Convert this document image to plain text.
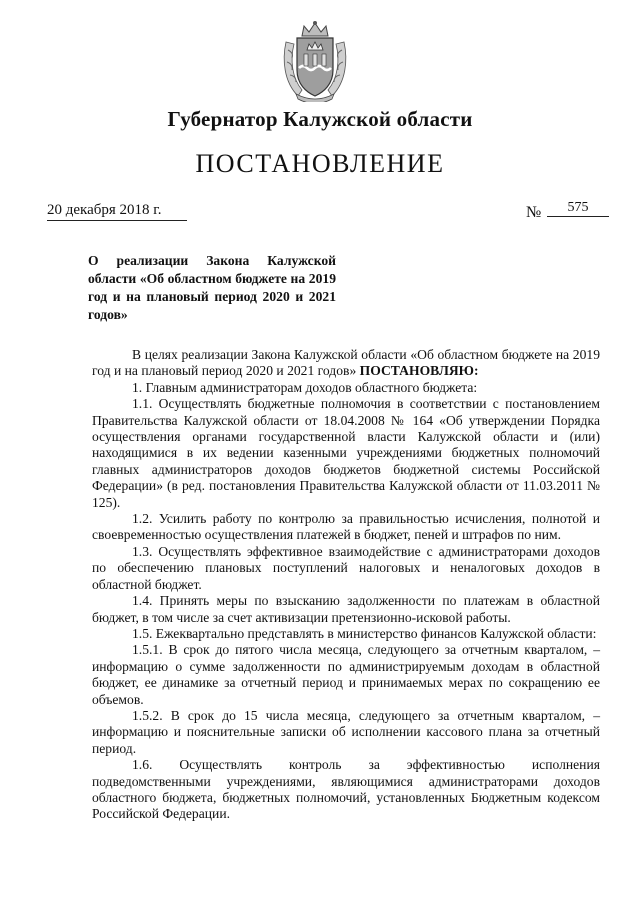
Губернатор Калужской области
ПОСТАНОВЛЕНИЕ
20 декабря 2018 г.	№	575
О реализации Закона Калужской области «Об областном бюджете на 2019 год и на плановый период 2020 и 2021 годов»

В целях реализации Закона Калужской области «Об областном бюджете на 2019 год и на плановый период 2020 и 2021 годов» ПОСТАНОВЛЯЮ:

1. Главным администраторам доходов областного бюджета:

1.1. Осуществлять бюджетные полномочия в соответствии с постановлением Правительства Калужской области от 18.04.2008 № 164 «Об утверждении Порядка осуществления органами государственной власти Калужской области и (или) находящимися в их ведении казенными учреждениями бюджетных полномочий главных администраторов доходов бюджетов бюджетной системы Российской Федерации» (в ред. постановления Правительства Калужской области от 11.03.2011 № 125).

1.2. Усилить работу по контролю за правильностью исчисления, полнотой и своевременностью осуществления платежей в бюджет, пеней и штрафов по ним.

1.3. Осуществлять эффективное взаимодействие с администраторами доходов по обеспечению плановых поступлений налоговых и неналоговых доходов в областной бюджет.

1.4. Принять меры по взысканию задолженности по платежам в областной бюджет, в том числе за счет активизации претензионно-исковой работы.

1.5. Ежеквартально представлять в министерство финансов Калужской области:

1.5.1. В срок до пятого числа месяца, следующего за отчетным кварталом, – информацию о сумме задолженности по администрируемым доходам в областной бюджет, ее динамике за отчетный период и принимаемых мерах по сокращению ее объемов.

1.5.2. В срок до 15 числа месяца, следующего за отчетным кварталом, – информацию и пояснительные записки об исполнении кассового плана за отчетный период.

1.6. Осуществлять контроль за эффективностью исполнения подведомственными учреждениями, являющимися администраторами доходов областного бюджета, бюджетных полномочий, установленных Бюджетным кодексом Российской Федерации.
